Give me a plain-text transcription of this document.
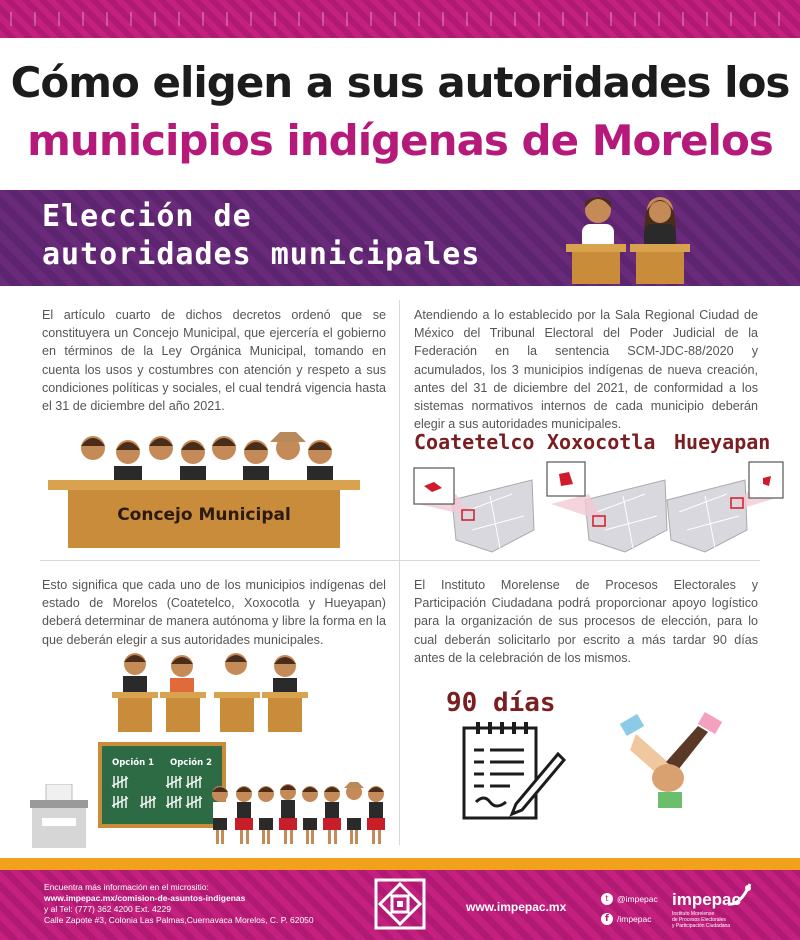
Cómo eligen a sus autoridades los
municipios indígenas de Morelos
Elección de
autoridades municipales
El artículo cuarto de dichos decretos ordenó que se constituyera un Concejo Municipal, que ejercería el gobierno en términos de la Ley Orgánica Municipal, tomando en cuenta los usos y costumbres con atención y respeto a sus condiciones políticas y sociales, el cual tendrá vigencia hasta el 31 de diciembre del año 2021.
Atendiendo a lo establecido por la Sala Regional Ciudad de México del Tribunal Electoral del Poder Judicial de la Federación en la sentencia SCM-JDC-88/2020 y acumulados, los 3 municipios indígenas de nueva creación, antes del 31 de diciembre del 2021, de conformidad a los sistemas normativos internos de cada municipio deberán elegir a sus autoridades municipales.
Concejo Municipal
Coatetelco Xoxocotla Hueyapan
Esto significa que cada uno de los municipios indígenas del estado de Morelos (Coatetelco, Xoxocotla y Hueyapan) deberá determinar de manera autónoma y libre la forma en la que deberán elegir a sus autoridades municipales.
El Instituto Morelense de Procesos Electorales y Participación Ciudadana podrá proporcionar apoyo logístico para la organización de sus procesos de elección, para lo cual deberán solicitarlo por escrito a más tardar 90 días antes de la celebración de los mismos.
Opción 1 Opción 2
90 días
Encuentra más información en el micrositio:
www.impepac.mx/comision-de-asuntos-indigenas
y al Tel: (777) 362 4200 Ext. 4229
Calle Zapote #3, Colonia Las Palmas,Cuernavaca Morelos, C. P. 62050
www.impepac.mx
t @impepac
f /impepac
impepac
Instituto Morelense
de Procesos Electorales
y Participación Ciudadana
